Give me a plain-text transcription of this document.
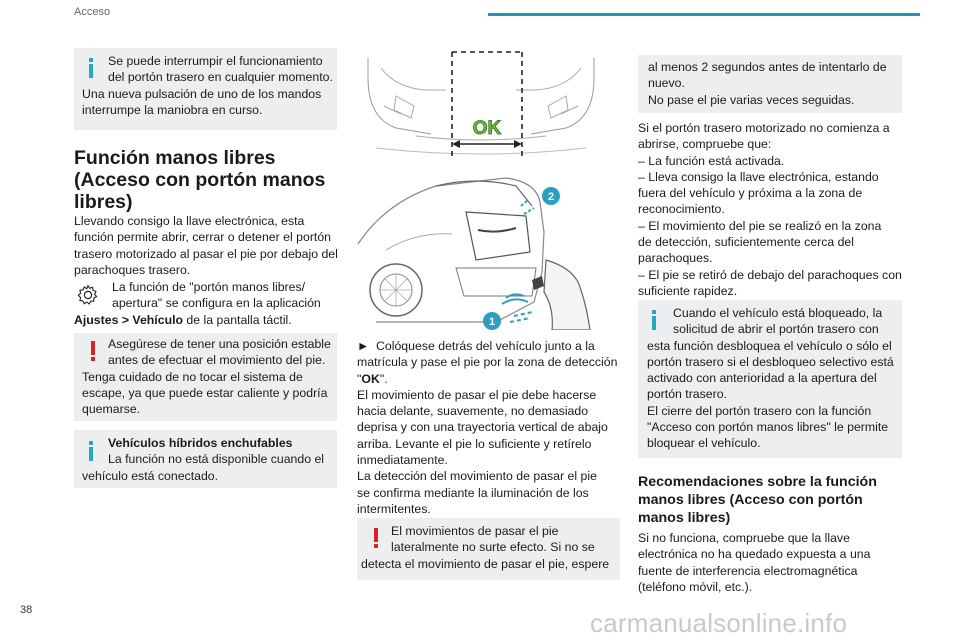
Acceso

Se puede interrumpir el funcionamiento

del portón trasero en cualquier momento.

Una nueva pulsación de uno de los mandos

interrumpe la maniobra en curso.

Función manos libres
(Acceso con portón manos
libres)

Llevando consigo la llave electrónica, esta

función permite abrir, cerrar o detener el portón

trasero motorizado al pasar el pie por debajo del

parachoques trasero.

La función de "portón manos libres/

apertura" se configura en la aplicación

Ajustes > Vehículo de la pantalla táctil.

Asegúrese de tener una posición estable

antes de efectuar el movimiento del pie.

Tenga cuidado de no tocar el sistema de

escape, ya que puede estar caliente y podría

quemarse.

Vehículos híbridos enchufables

La función no está disponible cuando el

vehículo está conectado.

OK
2
1

► Colóquese detrás del vehículo junto a la

matrícula y pase el pie por la zona de detección

"OK".

El movimiento de pasar el pie debe hacerse

hacia delante, suavemente, no demasiado

deprisa y con una trayectoria vertical de abajo

arriba. Levante el pie lo suficiente y retírelo

inmediatamente.

La detección del movimiento de pasar el pie

se confirma mediante la iluminación de los

intermitentes.

El movimientos de pasar el pie

lateralmente no surte efecto. Si no se

detecta el movimiento de pasar el pie, espere

al menos 2 segundos antes de intentarlo de

nuevo.

No pase el pie varias veces seguidas.

Si el portón trasero motorizado no comienza a

abrirse, compruebe que:

– La función está activada.

– Lleva consigo la llave electrónica, estando

fuera del vehículo y próxima a la zona de

reconocimiento.

– El movimiento del pie se realizó en la zona

de detección, suficientemente cerca del

parachoques.

– El pie se retiró de debajo del parachoques con

suficiente rapidez.

Cuando el vehículo está bloqueado, la

solicitud de abrir el portón trasero con

esta función desbloquea el vehículo o sólo el

portón trasero si el desbloqueo selectivo está

activado con anterioridad a la apertura del

portón trasero.

El cierre del portón trasero con la función

"Acceso con portón manos libres" le permite

bloquear el vehículo.

Recomendaciones sobre la función
manos libres (Acceso con portón
manos libres)

Si no funciona, compruebe que la llave

electrónica no ha quedado expuesta a una

fuente de interferencia electromagnética

(teléfono móvil, etc.).

38	carmanualsonline.info
